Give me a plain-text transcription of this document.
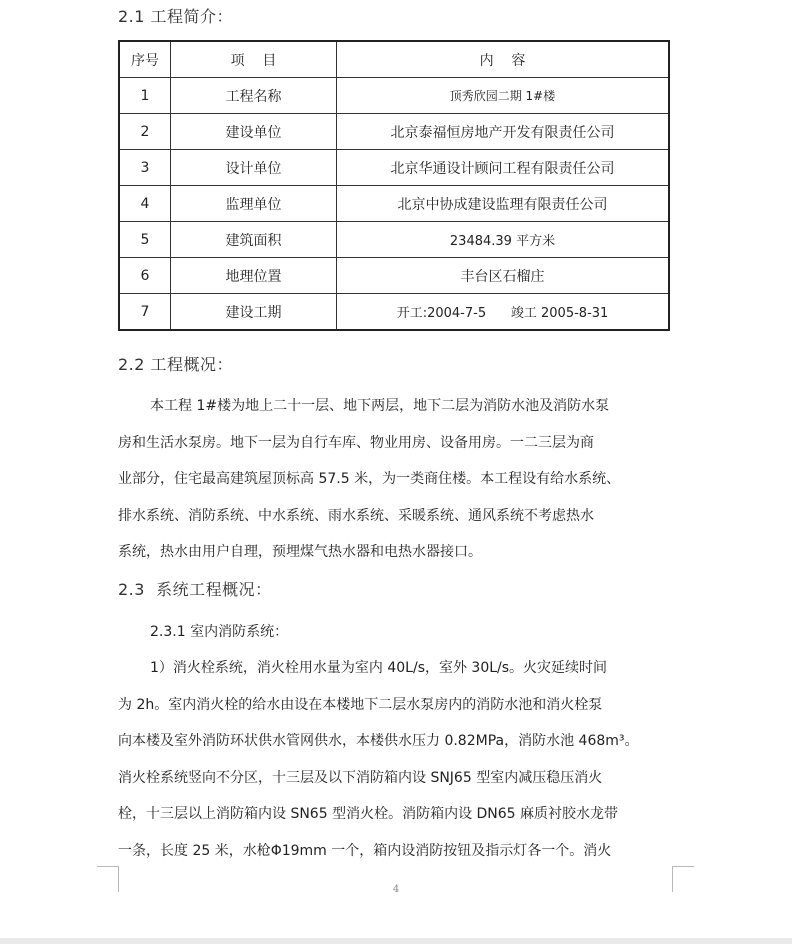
2.1 工程简介：
序号	项    目	内    容
1	工程名称	顶秀欣园二期 1#楼
2	建设单位	北京泰福恒房地产开发有限责任公司
3	设计单位	北京华通设计顾问工程有限责任公司
4	监理单位	北京中协成建设监理有限责任公司
5	建筑面积	23484.39 平方米
6	地理位置	丰台区石榴庄
7	建设工期	开工:2004-7-5      竣工 2005-8-31
2.2 工程概况：
本工程 1#楼为地上二十一层、地下两层，地下二层为消防水池及消防水泵
房和生活水泵房。地下一层为自行车库、物业用房、设备用房。一二三层为商
业部分，住宅最高建筑屋顶标高 57.5 米，为一类商住楼。本工程设有给水系统、
排水系统、消防系统、中水系统、雨水系统、采暖系统、通风系统不考虑热水
系统，热水由用户自理，预埋煤气热水器和电热水器接口。
2.3  系统工程概况：
2.3.1 室内消防系统：
1）消火栓系统，消火栓用水量为室内 40L/s，室外 30L/s。火灾延续时间
为 2h。室内消火栓的给水由设在本楼地下二层水泵房内的消防水池和消火栓泵
向本楼及室外消防环状供水管网供水，本楼供水压力 0.82MPa，消防水池 468m³。
消火栓系统竖向不分区，十三层及以下消防箱内设 SNJ65 型室内减压稳压消火
栓，十三层以上消防箱内设 SN65 型消火栓。消防箱内设 DN65 麻质衬胶水龙带
一条，长度 25 米，水枪Φ19mm 一个，箱内设消防按钮及指示灯各一个。消火
4
